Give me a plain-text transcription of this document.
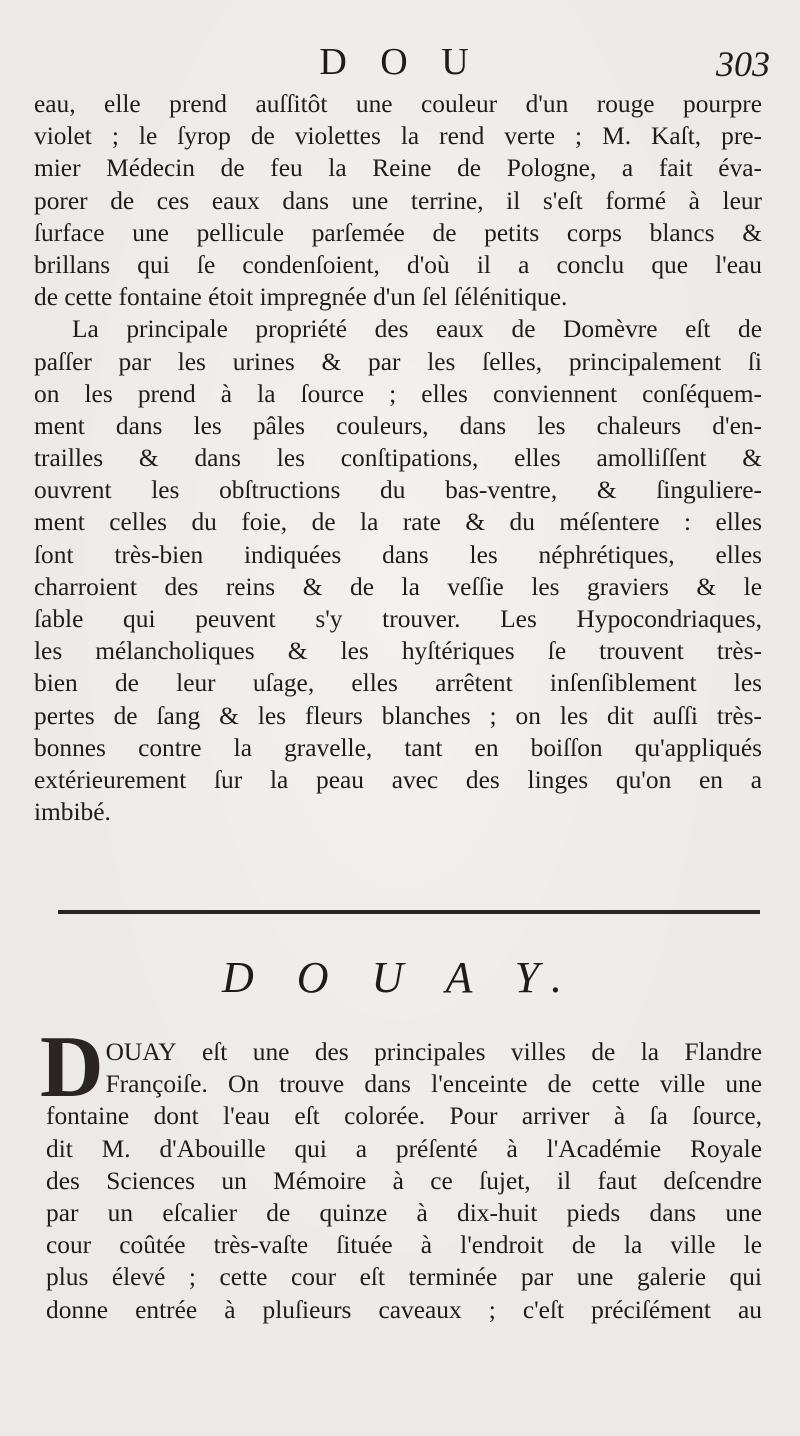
D O U	303
eau, elle prend auſſitôt une couleur d'un rouge pourpre
violet ; le ſyrop de violettes la rend verte ; M. Kaſt, pre-
mier Médecin de feu la Reine de Pologne, a fait éva-
porer de ces eaux dans une terrine, il s'eſt formé à leur
ſurface une pellicule parſemée de petits corps blancs &
brillans qui ſe condenſoient, d'où il a conclu que l'eau
de cette fontaine étoit impregnée d'un ſel ſélénitique.
La principale propriété des eaux de Domèvre eſt de
paſſer par les urines & par les ſelles, principalement ſi
on les prend à la ſource ; elles conviennent conſéquem-
ment dans les pâles couleurs, dans les chaleurs d'en-
trailles & dans les conſtipations, elles amolliſſent &
ouvrent les obſtructions du bas-ventre, & ſinguliere-
ment celles du foie, de la rate & du méſentere : elles
ſont très-bien indiquées dans les néphrétiques, elles
charroient des reins & de la veſſie les graviers & le
ſable qui peuvent s'y trouver. Les Hypocondriaques,
les mélancholiques & les hyſtériques ſe trouvent très-
bien de leur uſage, elles arrêtent inſenſiblement les
pertes de ſang & les fleurs blanches ; on les dit auſſi très-
bonnes contre la gravelle, tant en boiſſon qu'appliqués
extérieurement ſur la peau avec des linges qu'on en a
imbibé.
D O U A Y.
DOUAY eſt une des principales villes de la Flandre
Françoiſe. On trouve dans l'enceinte de cette ville une
fontaine dont l'eau eſt colorée. Pour arriver à ſa ſource,
dit M. d'Abouille qui a préſenté à l'Académie Royale
des Sciences un Mémoire à ce ſujet, il faut deſcendre
par un eſcalier de quinze à dix-huit pieds dans une
cour coûtée très-vaſte ſituée à l'endroit de la ville le
plus élevé ; cette cour eſt terminée par une galerie qui
donne entrée à pluſieurs caveaux ; c'eſt préciſément au
